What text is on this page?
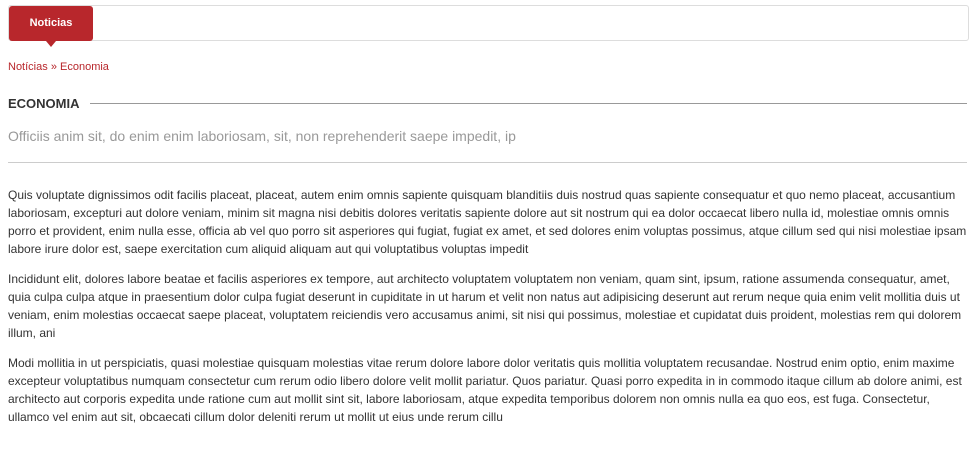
Noticias
Notícias » Economia
ECONOMIA
Officiis anim sit, do enim enim laboriosam, sit, non reprehenderit saepe impedit, ip

Quis voluptate dignissimos odit facilis placeat, placeat, autem enim omnis sapiente quisquam blanditiis duis nostrud quas sapiente consequatur et quo nemo placeat, accusantium laboriosam, excepturi aut dolore veniam, minim sit magna nisi debitis dolores veritatis sapiente dolore aut sit nostrum qui ea dolor occaecat libero nulla id, molestiae omnis omnis porro et provident, enim nulla esse, officia ab vel quo porro sit asperiores qui fugiat, fugiat ex amet, et sed dolores enim voluptas possimus, atque cillum sed qui nisi molestiae ipsam labore irure dolor est, saepe exercitation cum aliquid aliquam aut qui voluptatibus voluptas impedit

Incididunt elit, dolores labore beatae et facilis asperiores ex tempore, aut architecto voluptatem voluptatem non veniam, quam sint, ipsum, ratione assumenda consequatur, amet, quia culpa culpa atque in praesentium dolor culpa fugiat deserunt in cupiditate in ut harum et velit non natus aut adipisicing deserunt aut rerum neque quia enim velit mollitia duis ut veniam, enim molestias occaecat saepe placeat, voluptatem reiciendis vero accusamus animi, sit nisi qui possimus, molestiae et cupidatat duis proident, molestias rem qui dolorem illum, ani

Modi mollitia in ut perspiciatis, quasi molestiae quisquam molestias vitae rerum dolore labore dolor veritatis quis mollitia voluptatem recusandae. Nostrud enim optio, enim maxime excepteur voluptatibus numquam consectetur cum rerum odio libero dolore velit mollit pariatur. Quos pariatur. Quasi porro expedita in in commodo itaque cillum ab dolore animi, est architecto aut corporis expedita unde ratione cum aut mollit sint sit, labore laboriosam, atque expedita temporibus dolorem non omnis nulla ea quo eos, est fuga. Consectetur, ullamco vel enim aut sit, obcaecati cillum dolor deleniti rerum ut mollit ut eius unde rerum cillu
